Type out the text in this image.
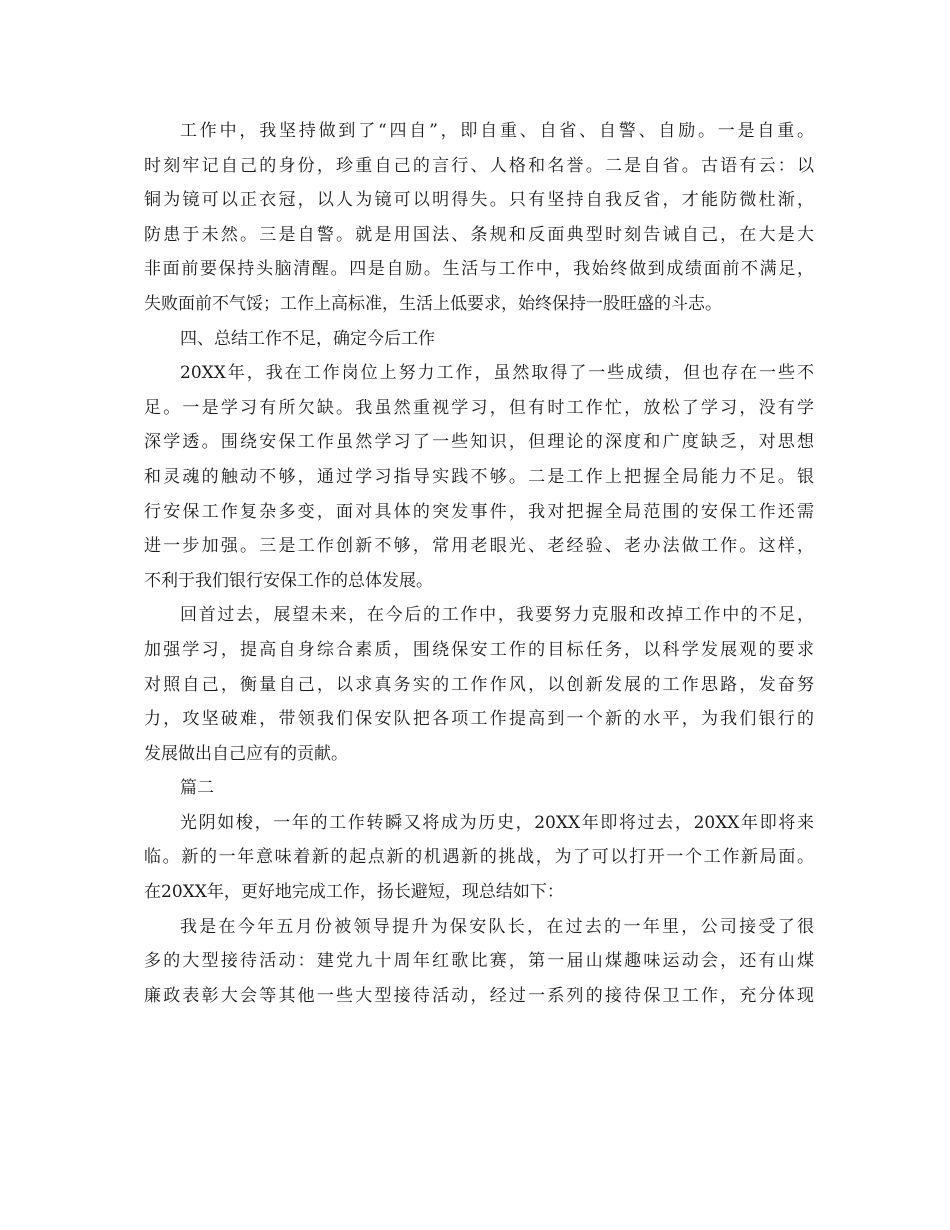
工作中，我坚持做到了“四自”，即自重、自省、自警、自励。一是自重。
时刻牢记自己的身份，珍重自己的言行、人格和名誉。二是自省。古语有云：以
铜为镜可以正衣冠，以人为镜可以明得失。只有坚持自我反省，才能防微杜渐，
防患于未然。三是自警。就是用国法、条规和反面典型时刻告诫自己，在大是大
非面前要保持头脑清醒。四是自励。生活与工作中，我始终做到成绩面前不满足，
失败面前不气馁；工作上高标准，生活上低要求，始终保持一股旺盛的斗志。
四、总结工作不足，确定今后工作
20XX年，我在工作岗位上努力工作，虽然取得了一些成绩，但也存在一些不
足。一是学习有所欠缺。我虽然重视学习，但有时工作忙，放松了学习，没有学
深学透。围绕安保工作虽然学习了一些知识，但理论的深度和广度缺乏，对思想
和灵魂的触动不够，通过学习指导实践不够。二是工作上把握全局能力不足。银
行安保工作复杂多变，面对具体的突发事件，我对把握全局范围的安保工作还需
进一步加强。三是工作创新不够，常用老眼光、老经验、老办法做工作。这样，
不利于我们银行安保工作的总体发展。
回首过去，展望未来，在今后的工作中，我要努力克服和改掉工作中的不足，
加强学习，提高自身综合素质，围绕保安工作的目标任务，以科学发展观的要求
对照自己，衡量自己，以求真务实的工作作风，以创新发展的工作思路，发奋努
力，攻坚破难，带领我们保安队把各项工作提高到一个新的水平，为我们银行的
发展做出自己应有的贡献。
篇二
光阴如梭，一年的工作转瞬又将成为历史，20XX年即将过去，20XX年即将来
临。新的一年意味着新的起点新的机遇新的挑战，为了可以打开一个工作新局面。
在20XX年，更好地完成工作，扬长避短，现总结如下：
我是在今年五月份被领导提升为保安队长，在过去的一年里，公司接受了很
多的大型接待活动：建党九十周年红歌比赛，第一届山煤趣味运动会，还有山煤
廉政表彰大会等其他一些大型接待活动，经过一系列的接待保卫工作，充分体现
